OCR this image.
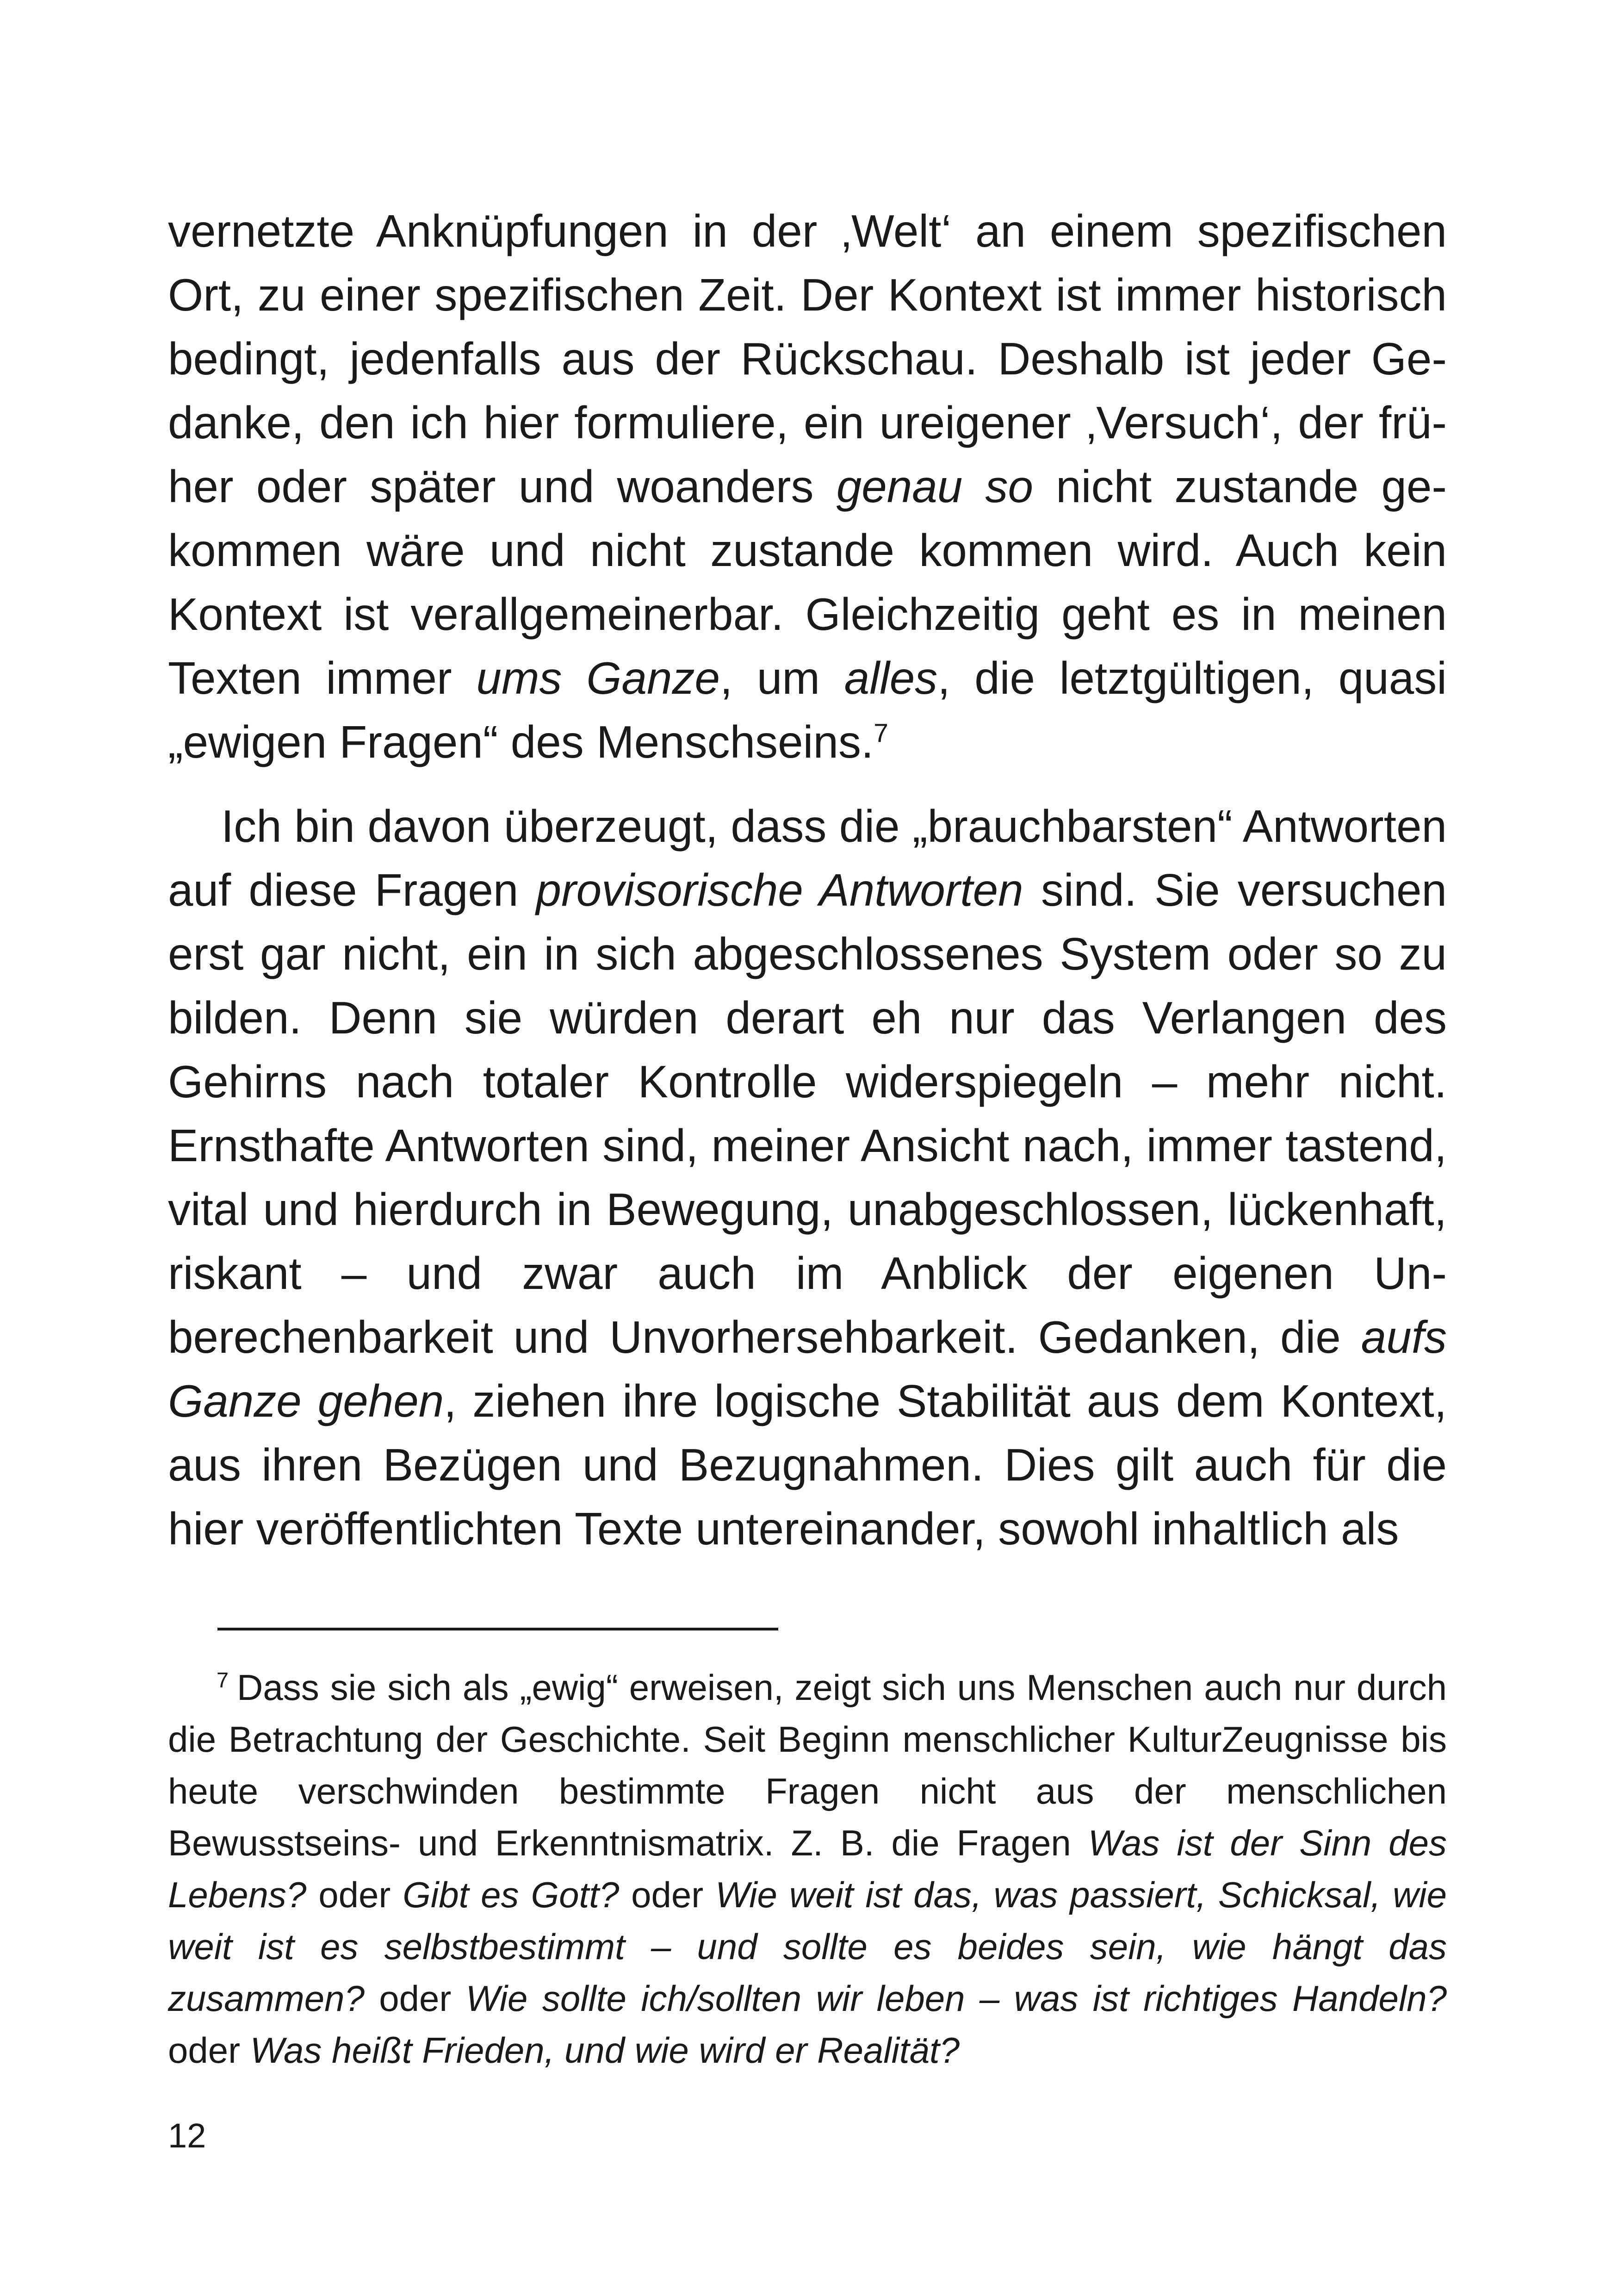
vernetzte Anknüpfungen in der ‚Welt‘ an einem spezifischen Ort, zu einer spezifischen Zeit. Der Kontext ist immer historisch bedingt, jedenfalls aus der Rückschau. Deshalb ist jeder Gedanke, den ich hier formuliere, ein ureigener ‚Versuch‘, der früher oder später und woanders genau so nicht zustande gekommen wäre und nicht zustande kommen wird. Auch kein Kontext ist verallgemeinerbar. Gleichzeitig geht es in meinen Texten immer ums Ganze, um alles, die letztgültigen, quasi „ewigen Fragen“ des Menschseins.$^7$

Ich bin davon überzeugt, dass die „brauchbarsten“ Antworten auf diese Fragen provisorische Antworten sind. Sie versuchen erst gar nicht, ein in sich abgeschlossenes System oder so zu bilden. Denn sie würden derart eh nur das Verlangen des Gehirns nach totaler Kontrolle widerspiegeln – mehr nicht. Ernsthafte Antworten sind, meiner Ansicht nach, immer tastend, vital und hierdurch in Bewegung, unabgeschlossen, lückenhaft, riskant – und zwar auch im Anblick der eigenen Unberechenbarkeit und Unvorhersehbarkeit. Gedanken, die aufs Ganze gehen, ziehen ihre logische Stabilität aus dem Kontext, aus ihren Bezügen und Bezugnahmen. Dies gilt auch für die hier veröffentlichten Texte untereinander, sowohl inhaltlich als

$^7$ Dass sie sich als „ewig“ erweisen, zeigt sich uns Menschen auch nur durch die Betrachtung der Geschichte. Seit Beginn menschlicher KulturZeugnisse bis heute verschwinden bestimmte Fragen nicht aus der menschlichen Bewusstseins- und Erkenntnismatrix. Z. B. die Fragen Was ist der Sinn des Lebens? oder Gibt es Gott? oder Wie weit ist das, was passiert, Schicksal, wie weit ist es selbstbestimmt – und sollte es beides sein, wie hängt das zusammen? oder Wie sollte ich/sollten wir leben – was ist richtiges Handeln? oder Was heißt Frieden, und wie wird er Realität?

12
